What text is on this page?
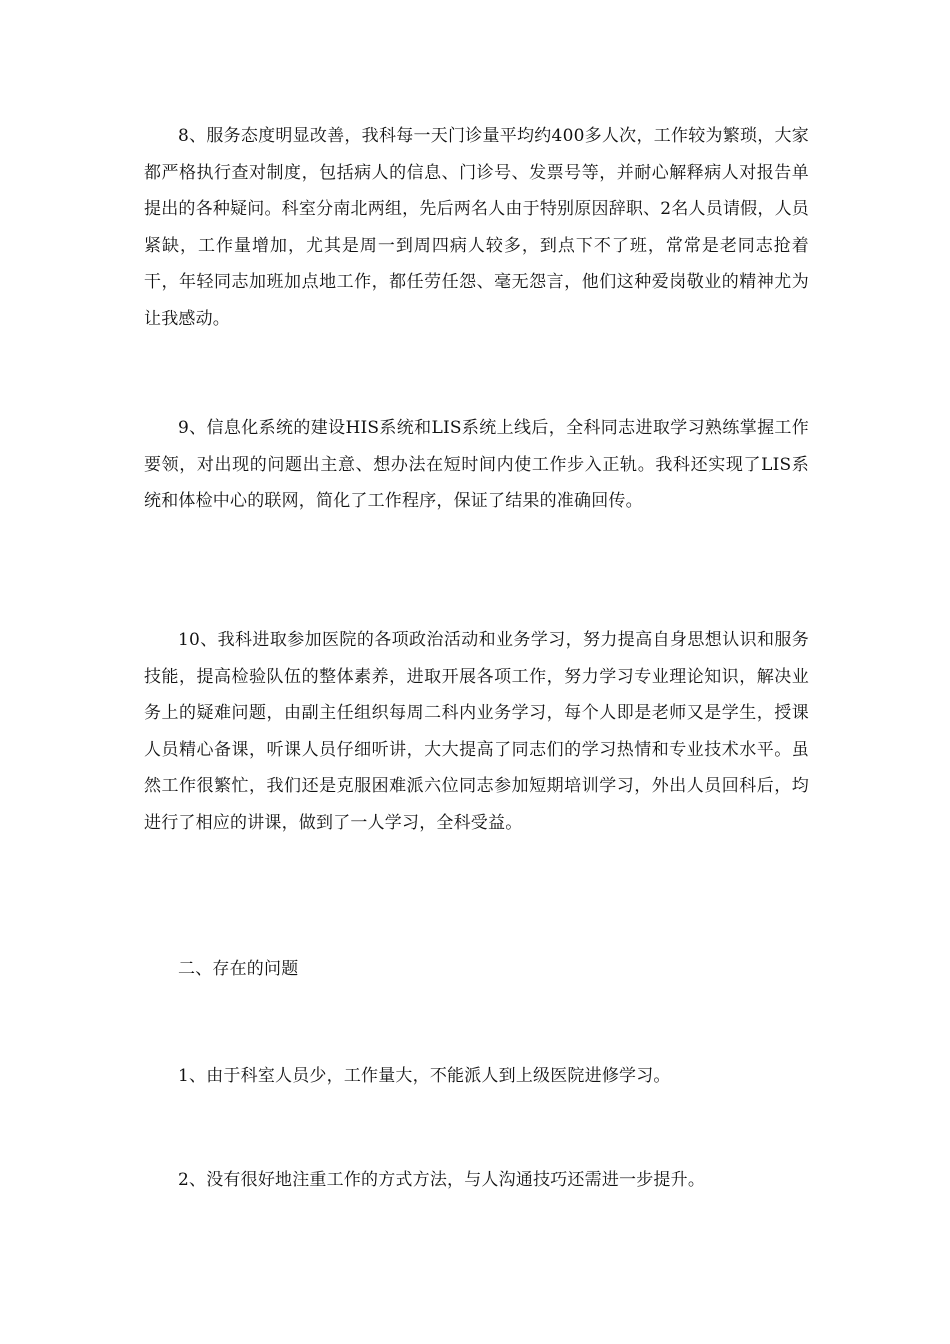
8、服务态度明显改善，我科每一天门诊量平均约400多人次，工作较为繁琐，大家都严格执行查对制度，包括病人的信息、门诊号、发票号等，并耐心解释病人对报告单提出的各种疑问。科室分南北两组，先后两名人由于特别原因辞职、2名人员请假，人员紧缺，工作量增加，尤其是周一到周四病人较多，到点下不了班，常常是老同志抢着干，年轻同志加班加点地工作，都任劳任怨、毫无怨言，他们这种爱岗敬业的精神尤为让我感动。

9、信息化系统的建设HIS系统和LIS系统上线后，全科同志进取学习熟练掌握工作要领，对出现的问题出主意、想办法在短时间内使工作步入正轨。我科还实现了LIS系统和体检中心的联网，简化了工作程序，保证了结果的准确回传。

10、我科进取参加医院的各项政治活动和业务学习，努力提高自身思想认识和服务技能，提高检验队伍的整体素养，进取开展各项工作，努力学习专业理论知识，解决业务上的疑难问题，由副主任组织每周二科内业务学习，每个人即是老师又是学生，授课人员精心备课，听课人员仔细听讲，大大提高了同志们的学习热情和专业技术水平。虽然工作很繁忙，我们还是克服困难派六位同志参加短期培训学习，外出人员回科后，均进行了相应的讲课，做到了一人学习，全科受益。

二、存在的问题

1、由于科室人员少，工作量大，不能派人到上级医院进修学习。

2、没有很好地注重工作的方式方法，与人沟通技巧还需进一步提升。
